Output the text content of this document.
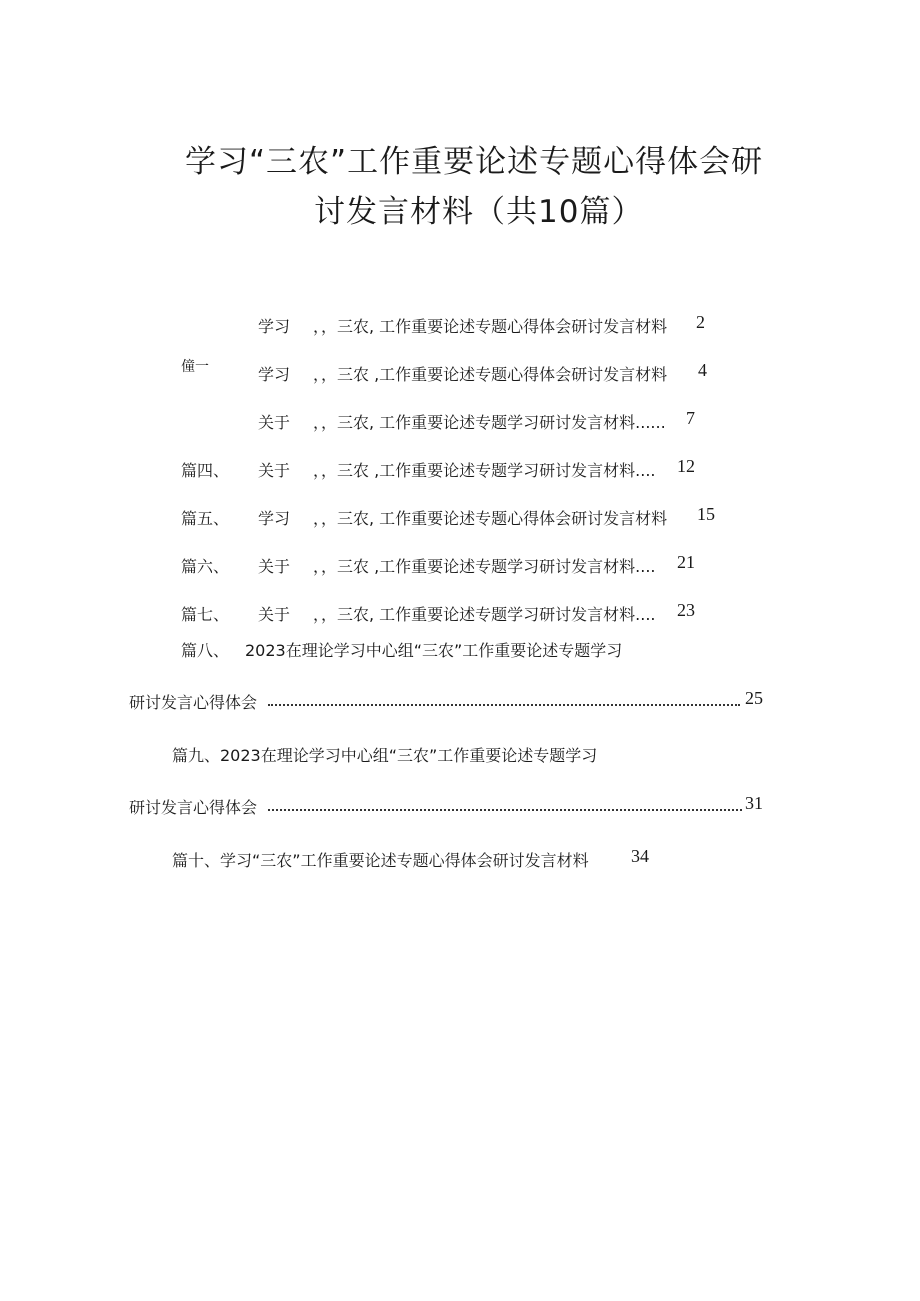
学习“三农”工作重要论述专题心得体会研
讨发言材料（共10篇）
学习 ，，三农, 工作重要论述专题心得体会研讨发言材料 2
僮一	学习 ，，三农 ,工作重要论述专题心得体会研讨发言材料 4
关于 ，，三农, 工作重要论述专题学习研讨发言材料...... 7
篇四、 关于 ，，三农 ,工作重要论述专题学习研讨发言材料.... 12
篇五、 学习 ，，三农, 工作重要论述专题心得体会研讨发言材料 15
篇六、 关于 ，，三农 ,工作重要论述专题学习研讨发言材料.... 21
篇七、 关于 ，，三农, 工作重要论述专题学习研讨发言材料.... 23
篇八、 2023在理论学习中心组“三农”工作重要论述专题学习
研讨发言心得体会	25
篇九、2023在理论学习中心组“三农”工作重要论述专题学习
研讨发言心得体会	31
篇十、学习“三农”工作重要论述专题心得体会研讨发言材料 34
